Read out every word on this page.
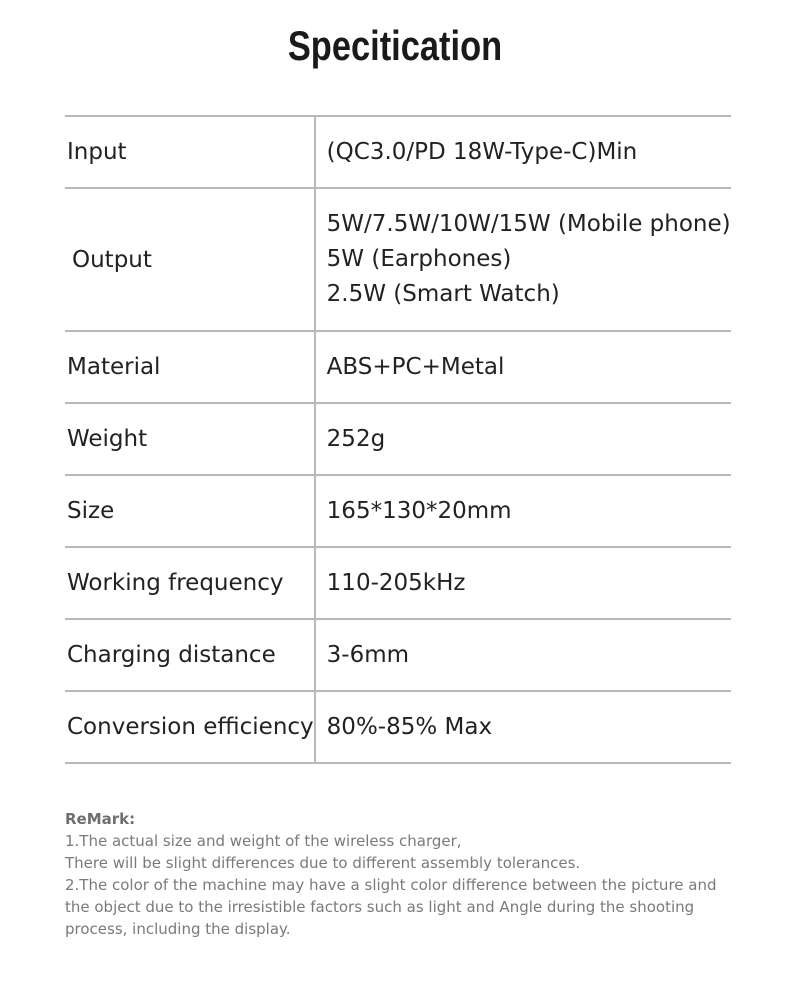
Specitication
Input	(QC3.0/PD 18W-Type-C)Min

Output	5W/7.5W/10W/15W (Mobile phone)
5W (Earphones)
2.5W (Smart Watch)

Material	ABS+PC+Metal

Weight	252g

Size	165*130*20mm

Working frequency	110-205kHz

Charging distance	3-6mm

Conversion efficiency	80%-85% Max
ReMark:
1.The actual size and weight of the wireless charger,
There will be slight differences due to different assembly tolerances.
2.The color of the machine may have a slight color difference between the picture and
the object due to the irresistible factors such as light and Angle during the shooting
process, including the display.
